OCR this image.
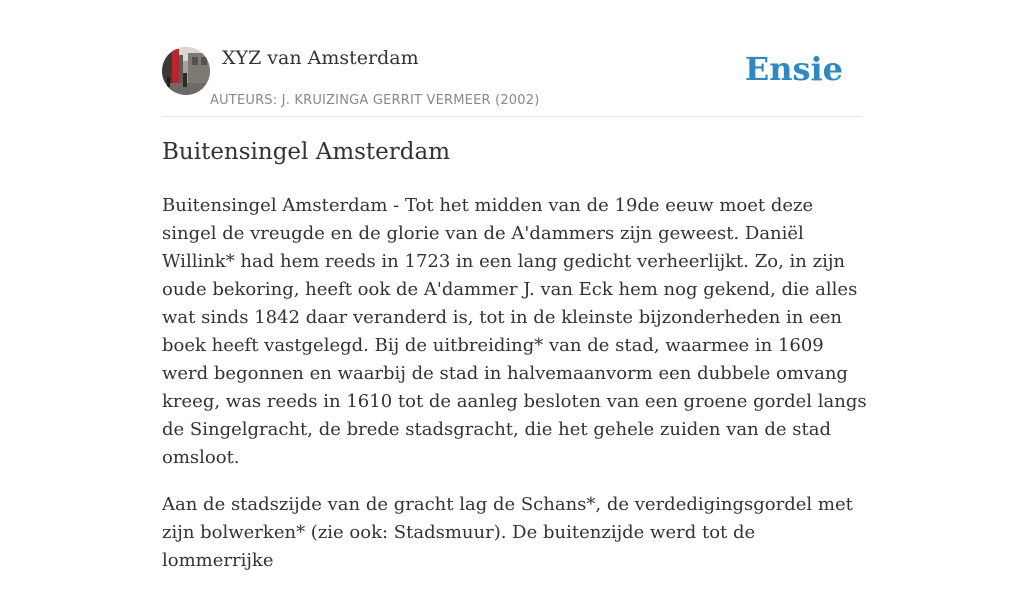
XYZ van Amsterdam
AUTEURS: J. KRUIZINGA GERRIT VERMEER (2002)
Ensie
Buitensingel Amsterdam

Buitensingel Amsterdam - Tot het midden van de 19de eeuw moet deze singel de vreugde en de glorie van de A'dammers zijn geweest. Daniël Willink* had hem reeds in 1723 in een lang gedicht verheerlijkt. Zo, in zijn oude bekoring, heeft ook de A'dammer J. van Eck hem nog gekend, die alles wat sinds 1842 daar veranderd is, tot in de kleinste bijzonderheden in een boek heeft vastgelegd. Bij de uitbreiding* van de stad, waarmee in 1609 werd begonnen en waarbij de stad in halvemaanvorm een dubbele omvang kreeg, was reeds in 1610 tot de aanleg besloten van een groene gordel langs de Singelgracht, de brede stadsgracht, die het gehele zuiden van de stad omsloot.

Aan de stadszijde van de gracht lag de Schans*, de verdedigingsgordel met zijn bolwerken* (zie ook: Stadsmuur). De buitenzijde werd tot de lommerrijke
